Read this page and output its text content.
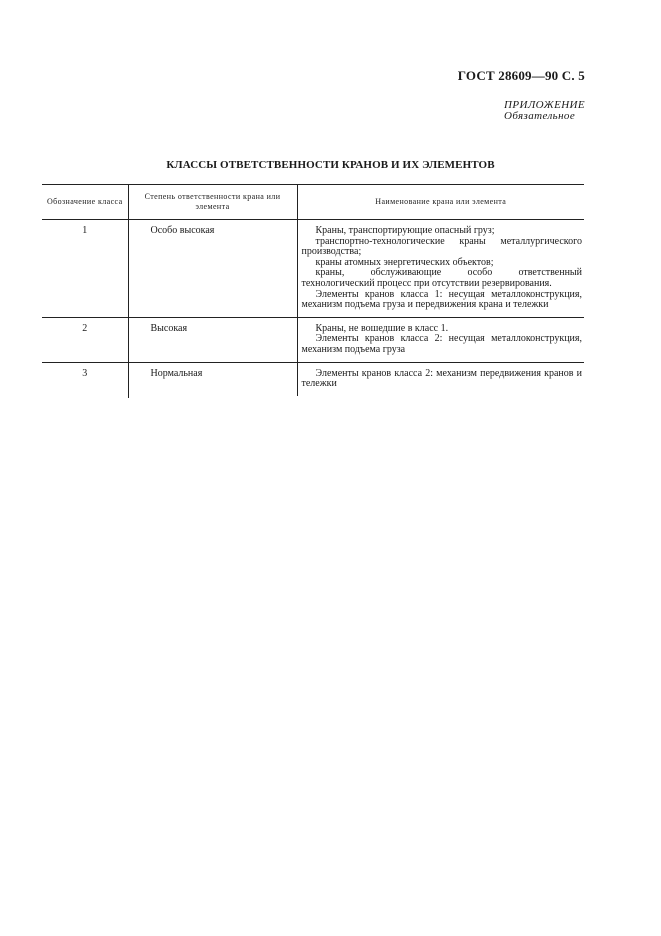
ГОСТ 28609—90 С. 5
ПРИЛОЖЕНИЕ
Обязательное
КЛАССЫ ОТВЕТСТВЕННОСТИ КРАНОВ И ИХ ЭЛЕМЕНТОВ
Обозначение класса	Степень ответственности крана или элемента	Наименование крана или элемента
1	Особо высокая	Краны, транспортирующие опасный груз;

транспортно-технологические краны металлургического производства;

краны атомных энергетических объектов;

краны, обслуживающие особо ответственный технологический процесс при отсутствии резервирования.

Элементы кранов класса 1: несущая металлоконструкция, механизм подъема груза и передвижения крана и тележки

2	Высокая	Краны, не вошедшие в класс 1.

Элементы кранов класса 2: несущая металлоконструкция, механизм подъема груза

3	Нормальная	Элементы кранов класса 2: механизм передвижения кранов и тележки
